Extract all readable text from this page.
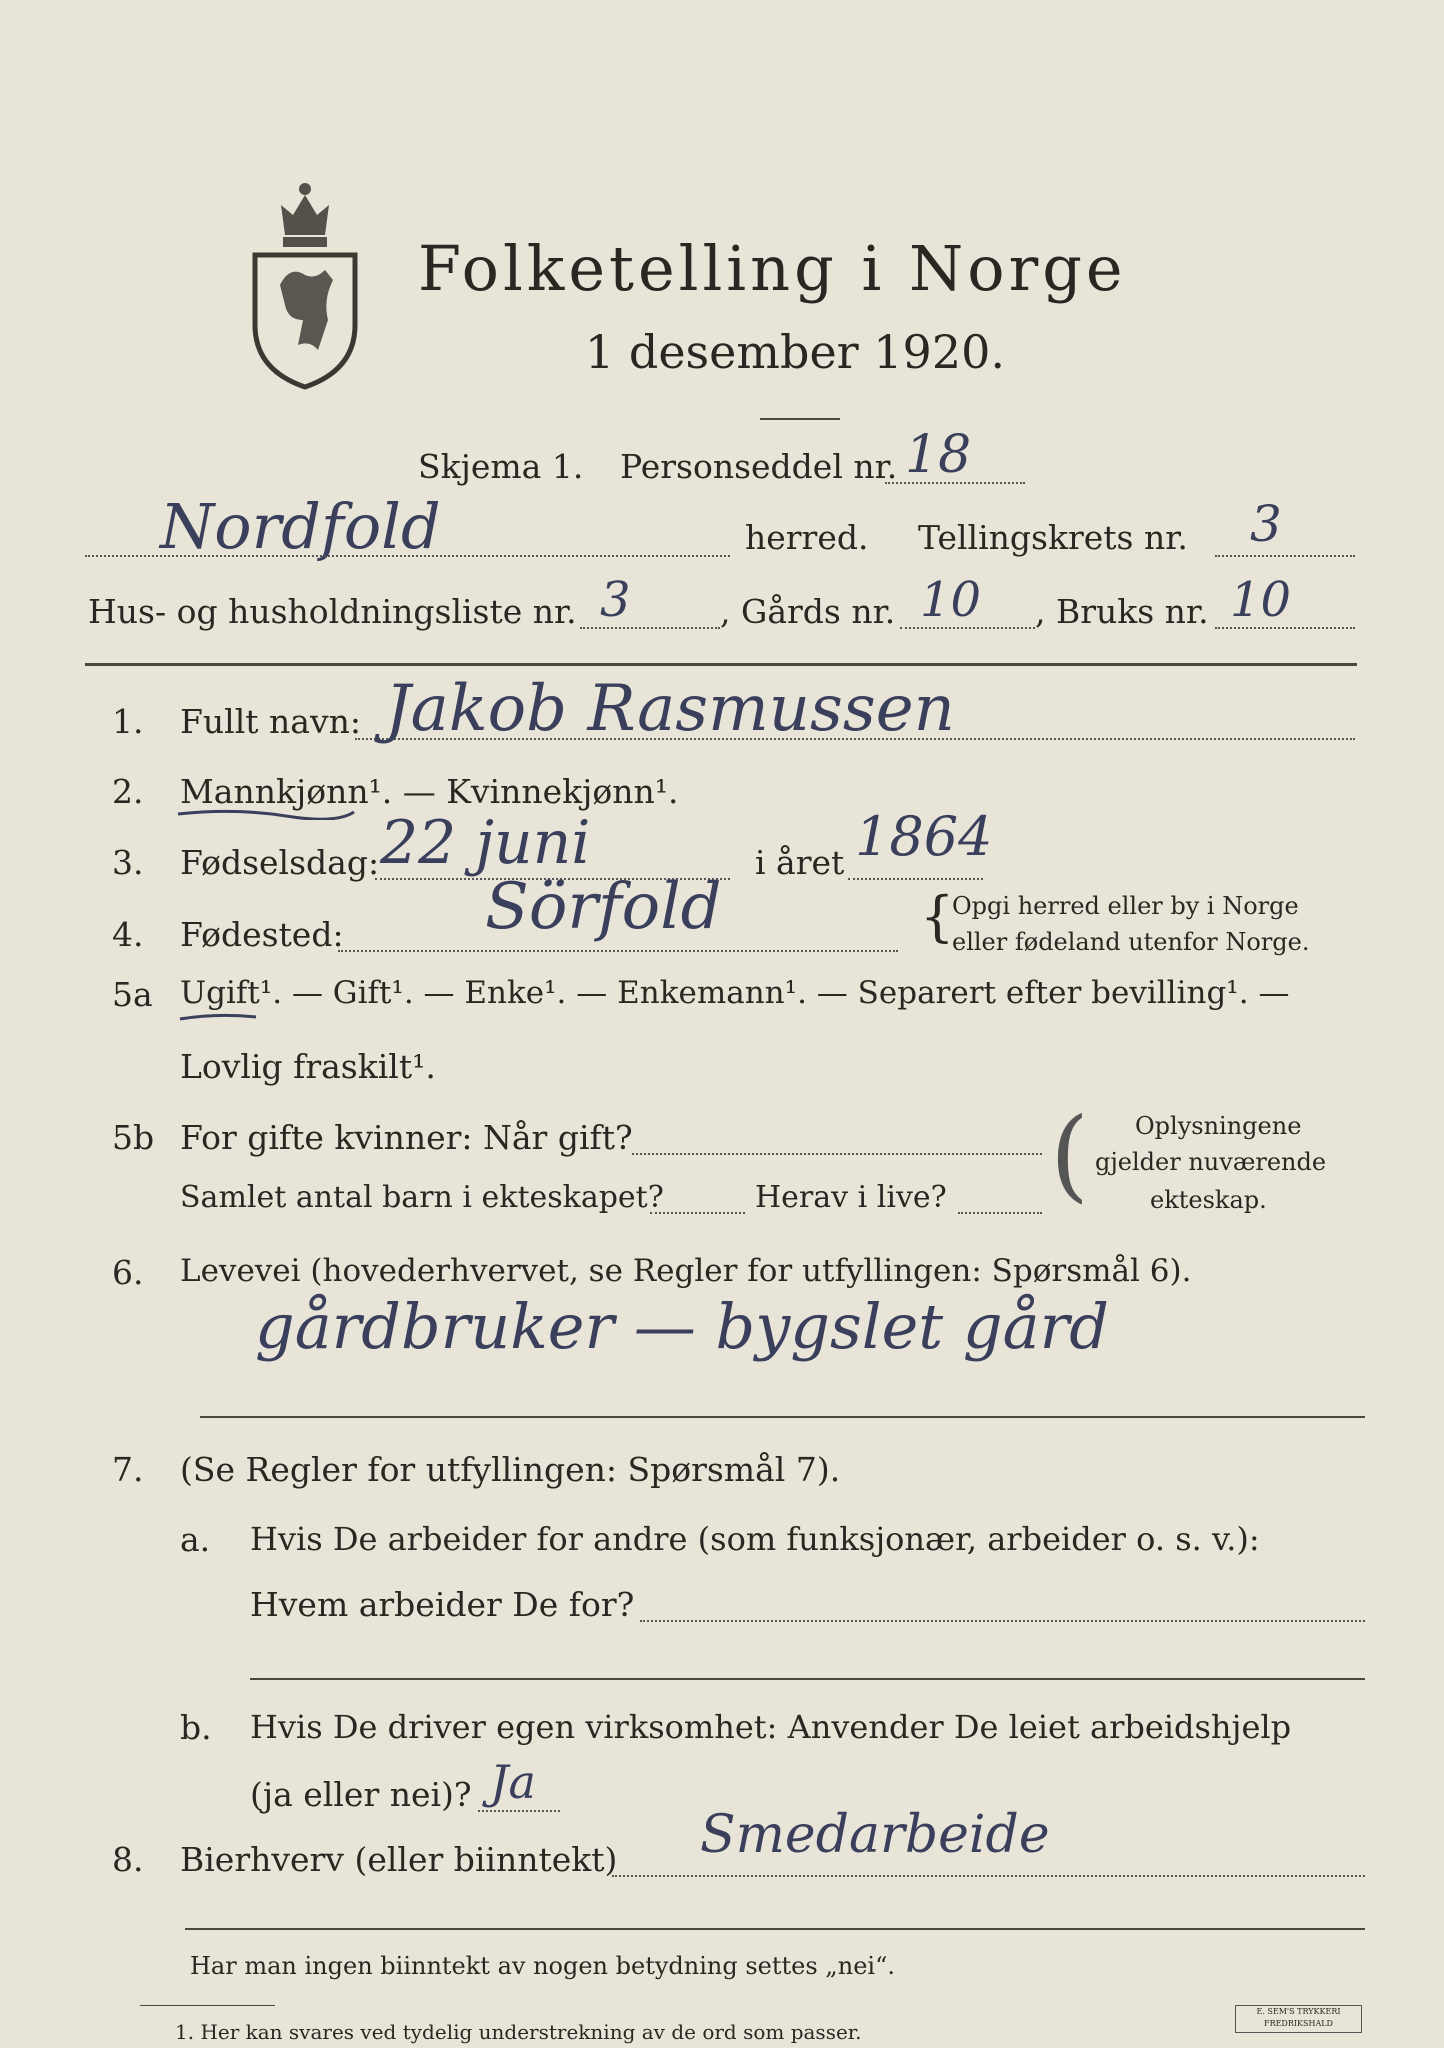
Folketelling i Norge
1 desember 1920.
Skjema 1. Personseddel nr. 18
Nordfold	herred. Tellingskrets nr. 3
Hus- og husholdningsliste nr. 3	, Gårds nr. 10 , Bruks nr. 10
1. Fullt navn: Jakob Rasmussen
2. Mannkjønn¹. — Kvinnekjønn¹.
3. Fødselsdag: 22 juni	i året 1864
4. Fødested: Sörfold	{
Opgi herred eller by i Norge
eller fødeland utenfor Norge.
5a Ugift¹. — Gift¹. — Enke¹. — Enkemann¹. — Separert efter bevilling¹. —
Lovlig fraskilt¹.
5b For gifte kvinner: Når gift?
Samlet antal barn i ekteskapet?	Herav i live? ( Oplysningene
gjelder nuværende
ekteskap.
6. Levevei (hovederhvervet, se Regler for utfyllingen: Spørsmål 6).
gårdbruker — bygslet gård
7. (Se Regler for utfyllingen: Spørsmål 7).
a. Hvis De arbeider for andre (som funksjonær, arbeider o. s. v.):
Hvem arbeider De for?
b. Hvis De driver egen virksomhet: Anvender De leiet arbeidshjelp
(ja eller nei)? Ja
8. Bierhverv (eller biinntekt) Smedarbeide
Har man ingen biinntekt av nogen betydning settes „nei“.
1. Her kan svares ved tydelig understrekning av de ord som passer.
E. SEM'S TRYKKERI FREDRIKSHALD
